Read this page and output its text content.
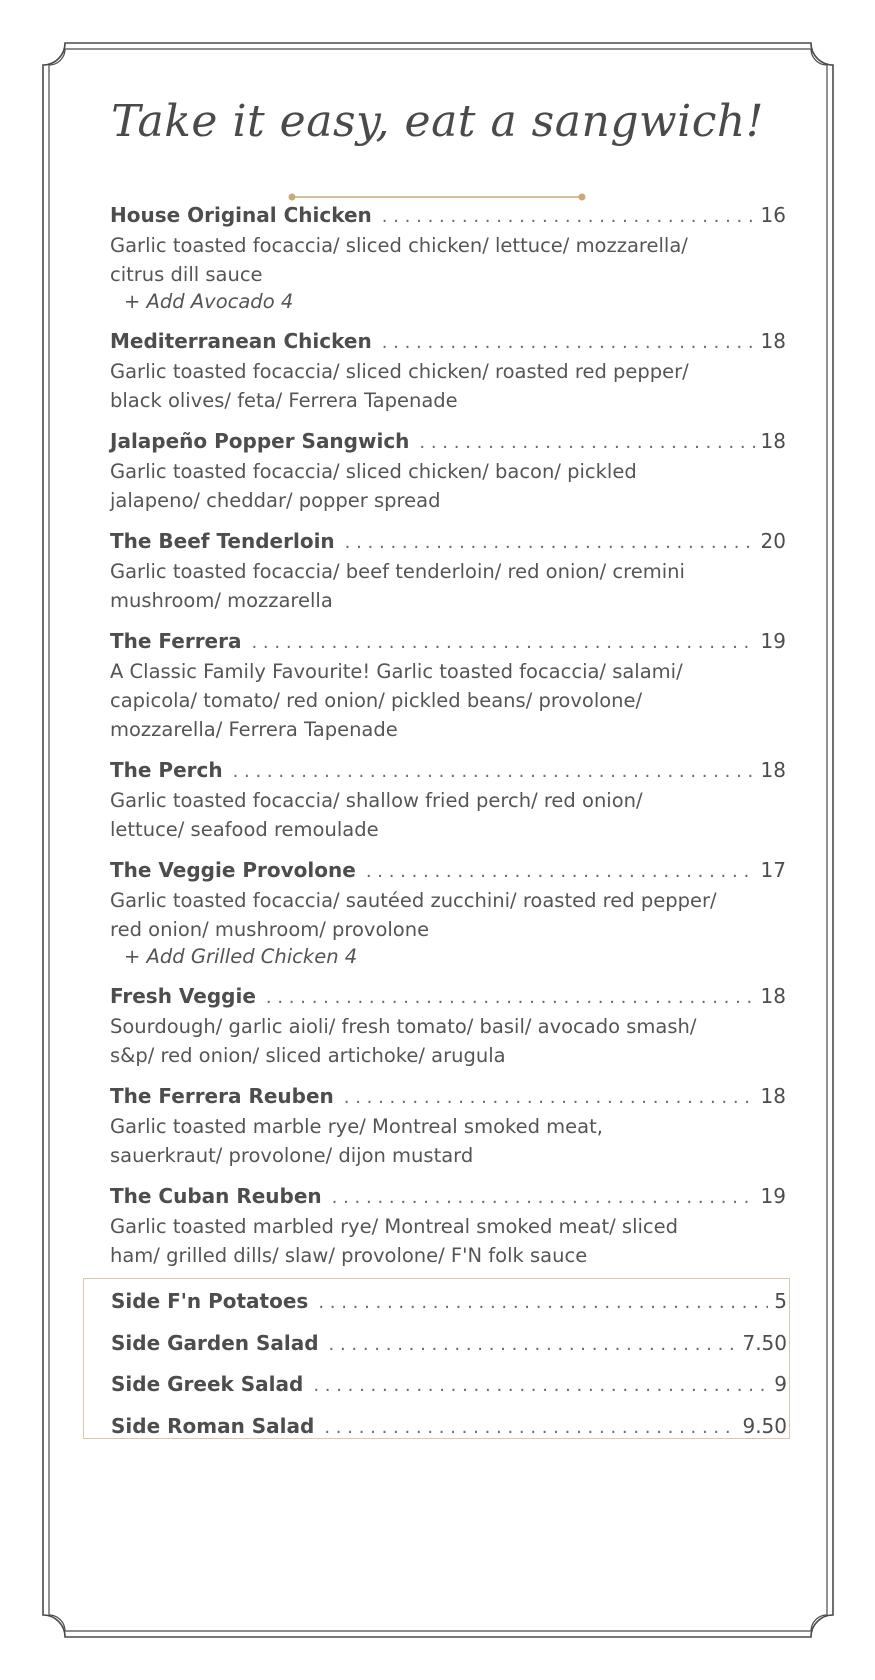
Take it easy, eat a sangwich!
House Original Chicken . . .	16
Garlic toasted focaccia/ sliced chicken/ lettuce/ mozzarella/ citrus dill sauce
+ Add Avocado 4
Mediterranean Chicken . . .	18
Garlic toasted focaccia/ sliced chicken/ roasted red pepper/ black olives/ feta/ Ferrera Tapenade
Jalapeño Popper Sangwich . . .	18
Garlic toasted focaccia/ sliced chicken/ bacon/ pickled jalapeno/ cheddar/ popper spread
The Beef Tenderloin . . .	20
Garlic toasted focaccia/ beef tenderloin/ red onion/ cremini mushroom/ mozzarella
The Ferrera . . .	19
A Classic Family Favourite! Garlic toasted focaccia/ salami/ capicola/ tomato/ red onion/ pickled beans/ provolone/ mozzarella/ Ferrera Tapenade
The Perch . . .	18
Garlic toasted focaccia/ shallow fried perch/ red onion/ lettuce/ seafood remoulade
The Veggie Provolone . . .	17
Garlic toasted focaccia/ sautéed zucchini/ roasted red pepper/ red onion/ mushroom/ provolone
+ Add Grilled Chicken 4
Fresh Veggie . . .	18
Sourdough/ garlic aioli/ fresh tomato/ basil/ avocado smash/ s&p/ red onion/ sliced artichoke/ arugula
The Ferrera Reuben . . .	18
Garlic toasted marble rye/ Montreal smoked meat, sauerkraut/ provolone/ dijon mustard
The Cuban Reuben . . .	19
Garlic toasted marbled rye/ Montreal smoked meat/ sliced ham/ grilled dills/ slaw/ provolone/ F'N folk sauce
Side F'n Potatoes . . .	5
Side Garden Salad . . .	7.50
Side Greek Salad . . .	9
Side Roman Salad . . .	9.50
